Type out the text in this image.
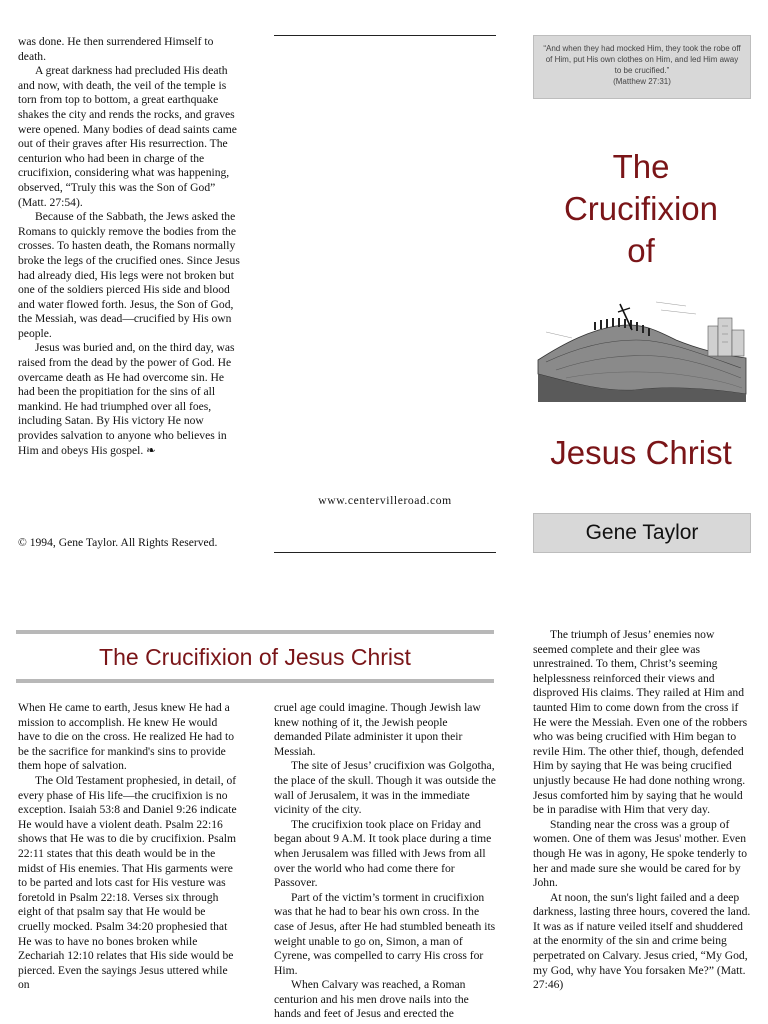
was done. He then surrendered Himself to death.

A great darkness had precluded His death and now, with death, the veil of the temple is torn from top to bottom, a great earthquake shakes the city and rends the rocks, and graves were opened. Many bodies of dead saints came out of their graves after His resurrection. The centurion who had been in charge of the crucifixion, considering what was happening, observed, “Truly this was the Son of God” (Matt. 27:54).

Because of the Sabbath, the Jews asked the Romans to quickly remove the bodies from the crosses. To hasten death, the Romans normally broke the legs of the crucified ones. Since Jesus had already died, His legs were not broken but one of the soldiers pierced His side and blood and water flowed forth. Jesus, the Son of God, the Messiah, was dead—crucified by His own people.

Jesus was buried and, on the third day, was raised from the dead by the power of God. He overcame death as He had overcome sin. He had been the propitiation for the sins of all mankind. He had triumphed over all foes, including Satan. By His victory He now provides salvation to anyone who believes in Him and obeys His gospel. ❧

© 1994, Gene Taylor. All Rights Reserved.
www.centervilleroad.com
“And when they had mocked Him, they took the robe off of Him, put His own clothes on Him, and led Him away to be crucified.”
(Matthew 27:31)
The
Crucifixion
of
Jesus Christ
Gene Taylor
The Crucifixion of Jesus Christ

When He came to earth, Jesus knew He had a mission to accomplish. He knew He would have to die on the cross. He realized He had to be the sacrifice for mankind's sins to provide them hope of salvation.

The Old Testament prophesied, in detail, of every phase of His life—the crucifixion is no exception. Isaiah 53:8 and Daniel 9:26 indicate He would have a violent death. Psalm 22:16 shows that He was to die by crucifixion. Psalm 22:11 states that this death would be in the midst of His enemies. That His garments were to be parted and lots cast for His vesture was foretold in Psalm 22:18. Verses six through eight of that psalm say that He would be cruelly mocked. Psalm 34:20 prophesied that He was to have no bones broken while Zechariah 12:10 relates that His side would be pierced. Even the sayings Jesus uttered while on

cruel age could imagine. Though Jewish law knew nothing of it, the Jewish people demanded Pilate administer it upon their Messiah.

The site of Jesus’ crucifixion was Golgotha, the place of the skull. Though it was outside the wall of Jerusalem, it was in the immediate vicinity of the city.

The crucifixion took place on Friday and began about 9 A.M. It took place during a time when Jerusalem was filled with Jews from all over the world who had come there for Passover.

Part of the victim’s torment in crucifixion was that he had to bear his own cross. In the case of Jesus, after He had stumbled beneath its weight unable to go on, Simon, a man of Cyrene, was compelled to carry His cross for Him.

When Calvary was reached, a Roman centurion and his men drove nails into the hands and feet of Jesus and erected the

The triumph of Jesus’ enemies now seemed complete and their glee was unrestrained. To them, Christ’s seeming helplessness reinforced their views and disproved His claims. They railed at Him and taunted Him to come down from the cross if He were the Messiah. Even one of the robbers who was being crucified with Him began to revile Him. The other thief, though, defended Him by saying that He was being crucified unjustly because He had done nothing wrong. Jesus comforted him by saying that he would be in paradise with Him that very day.

Standing near the cross was a group of women. One of them was Jesus' mother. Even though He was in agony, He spoke tenderly to her and made sure she would be cared for by John.

At noon, the sun's light failed and a deep darkness, lasting three hours, covered the land. It was as if nature veiled itself and shuddered at the enormity of the sin and crime being perpetrated on Calvary. Jesus cried, “My God, my God, why have You forsaken Me?” (Matt. 27:46)
